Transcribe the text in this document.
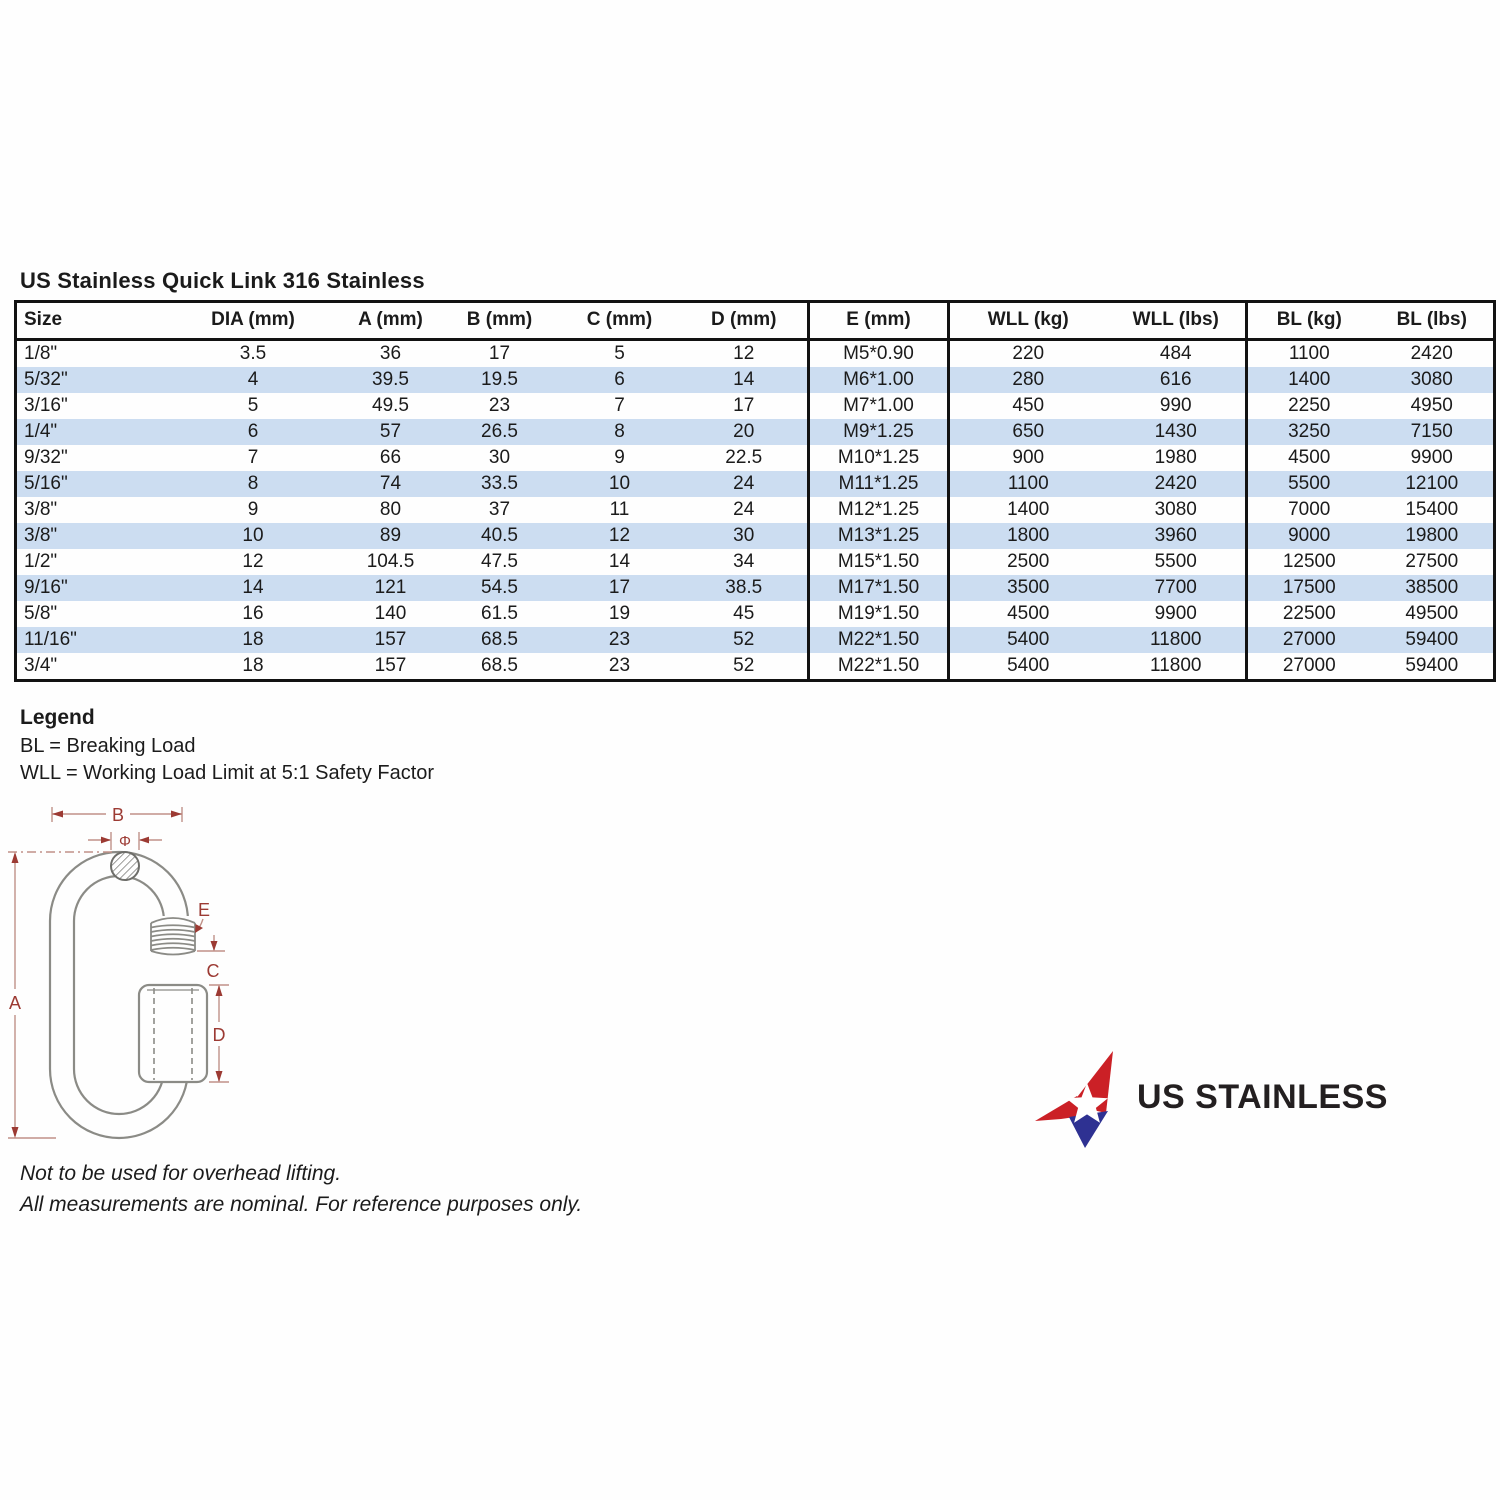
US Stainless Quick Link 316 Stainless
Size	DIA (mm)	A (mm)	B (mm)	C (mm)	D (mm)	E (mm)	WLL (kg)	WLL (lbs)	BL (kg)	BL (lbs)
1/8"	3.5	36	17	5	12	M5*0.90	220	484	1100	2420
5/32"	4	39.5	19.5	6	14	M6*1.00	280	616	1400	3080
3/16"	5	49.5	23	7	17	M7*1.00	450	990	2250	4950
1/4"	6	57	26.5	8	20	M9*1.25	650	1430	3250	7150
9/32"	7	66	30	9	22.5	M10*1.25	900	1980	4500	9900
5/16"	8	74	33.5	10	24	M11*1.25	1100	2420	5500	12100
3/8"	9	80	37	11	24	M12*1.25	1400	3080	7000	15400
3/8"	10	89	40.5	12	30	M13*1.25	1800	3960	9000	19800
1/2"	12	104.5	47.5	14	34	M15*1.50	2500	5500	12500	27500
9/16"	14	121	54.5	17	38.5	M17*1.50	3500	7700	17500	38500
5/8"	16	140	61.5	19	45	M19*1.50	4500	9900	22500	49500
11/16"	18	157	68.5	23	52	M22*1.50	5400	11800	27000	59400
3/4"	18	157	68.5	23	52	M22*1.50	5400	11800	27000	59400
Legend
BL = Breaking Load
WLL = Working Load Limit at 5:1 Safety Factor
A
B
Φ
E
C
D
US STAINLESS
Not to be used for overhead lifting.
All measurements are nominal. For reference purposes only.
